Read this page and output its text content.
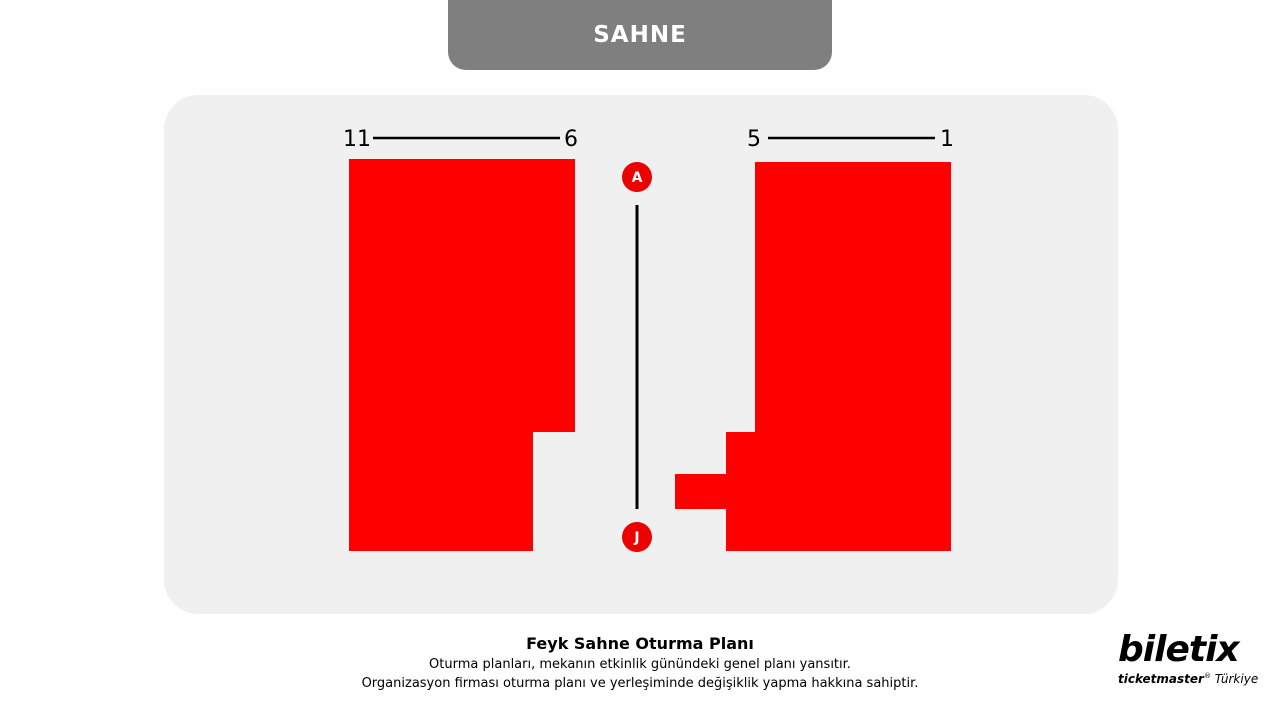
SAHNE
11	6	5	1
A
J
Feyk Sahne Oturma Planı
Oturma planları, mekanın etkinlik günündeki genel planı yansıtır.
Organizasyon firması oturma planı ve yerleşiminde değişiklik yapma hakkına sahiptir.
biletix
ticketmaster® Türkiye
